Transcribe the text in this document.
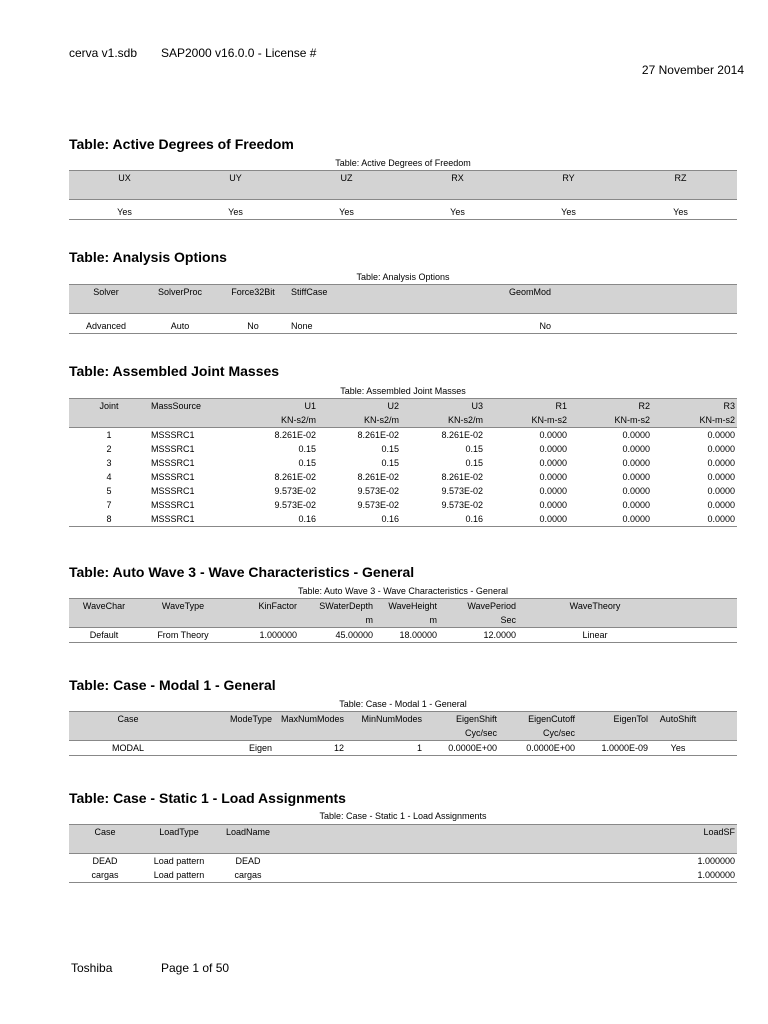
cerva v1.sdb SAP2000 v16.0.0 - License #
27 November 2014
Table: Active Degrees of Freedom
Table: Active Degrees of Freedom
UX	UY	UZ	RX	RY	RZ

Yes	Yes	Yes	Yes	Yes	Yes
Table: Analysis Options
Table: Analysis Options
Solver	SolverProc	Force32Bit	StiffCase	GeomMod	

Advanced	Auto	No	None	No	
Table: Assembled Joint Masses
Table: Assembled Joint Masses
Joint	MassSource	U1	U2	U3	R1	R2	R3
		KN-s2/m	KN-s2/m	KN-s2/m	KN-m-s2	KN-m-s2	KN-m-s2
1	MSSSRC1	8.261E-02	8.261E-02	8.261E-02	0.0000	0.0000	0.0000
2	MSSSRC1	0.15	0.15	0.15	0.0000	0.0000	0.0000
3	MSSSRC1	0.15	0.15	0.15	0.0000	0.0000	0.0000
4	MSSSRC1	8.261E-02	8.261E-02	8.261E-02	0.0000	0.0000	0.0000
5	MSSSRC1	9.573E-02	9.573E-02	9.573E-02	0.0000	0.0000	0.0000
7	MSSSRC1	9.573E-02	9.573E-02	9.573E-02	0.0000	0.0000	0.0000
8	MSSSRC1	0.16	0.16	0.16	0.0000	0.0000	0.0000
Table: Auto Wave 3 - Wave Characteristics - General
Table: Auto Wave 3 - Wave Characteristics - General
WaveChar	WaveType	KinFactor	SWaterDepth	WaveHeight	WavePeriod	WaveTheory	
			m	m	Sec		
Default	From Theory	1.000000	45.00000	18.00000	12.0000	Linear	
Table: Case - Modal 1 - General
Table: Case - Modal 1 - General
Case	ModeType	MaxNumModes	MinNumModes	EigenShift	EigenCutoff	EigenTol	AutoShift	
				Cyc/sec	Cyc/sec			
MODAL	Eigen	12	1	0.0000E+00	0.0000E+00	1.0000E-09	Yes	
Table: Case - Static 1 - Load Assignments
Table: Case - Static 1 - Load Assignments
Case	LoadType	LoadName	LoadSF

DEAD	Load pattern	DEAD	1.000000
cargas	Load pattern	cargas	1.000000
Toshiba	Page 1 of 50
